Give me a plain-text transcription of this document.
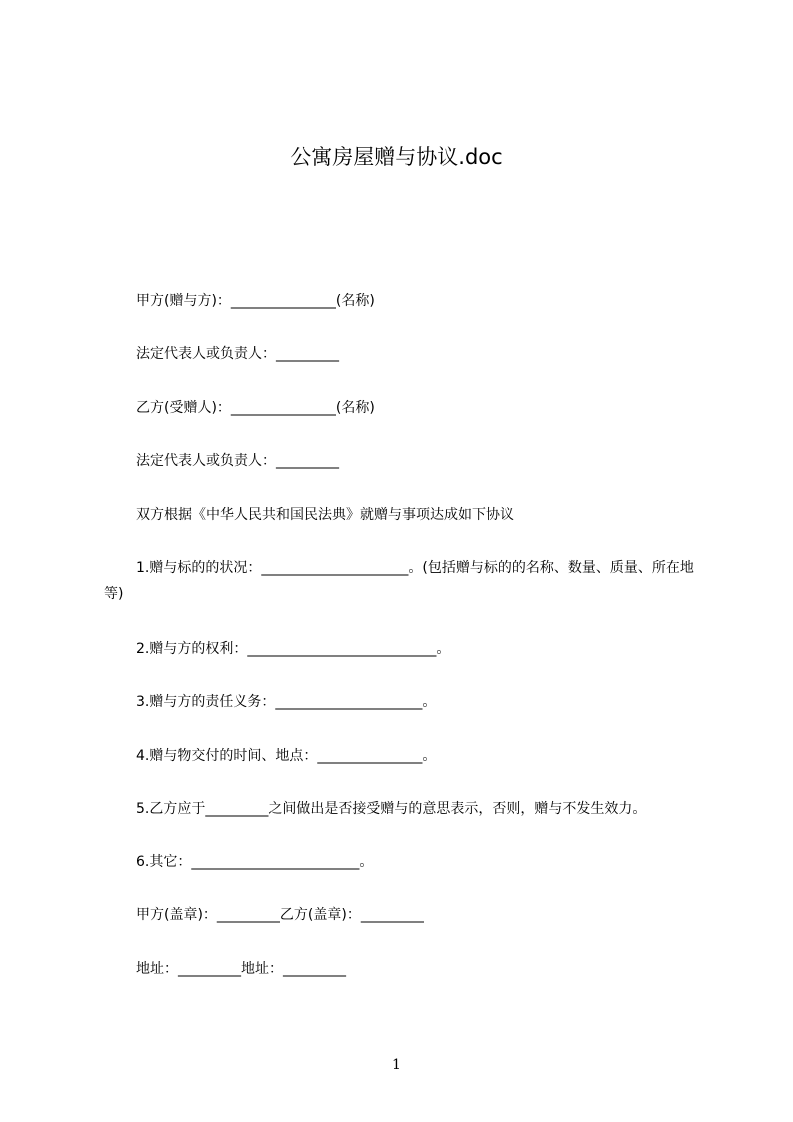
公寓房屋赠与协议.doc
甲方(赠与方)：_______________(名称)
法定代表人或负责人：_________
乙方(受赠人)：_______________(名称)
法定代表人或负责人：_________
双方根据《中华人民共和国民法典》就赠与事项达成如下协议
1.赠与标的的状况：_____________________。(包括赠与标的的名称、数量、质量、所在地等)
2.赠与方的权利：___________________________。
3.赠与方的责任义务：_____________________。
4.赠与物交付的时间、地点：_______________。
5.乙方应于_________之间做出是否接受赠与的意思表示，否则，赠与不发生效力。
6.其它：________________________。
甲方(盖章)：_________乙方(盖章)：_________
地址：_________地址：_________
1
